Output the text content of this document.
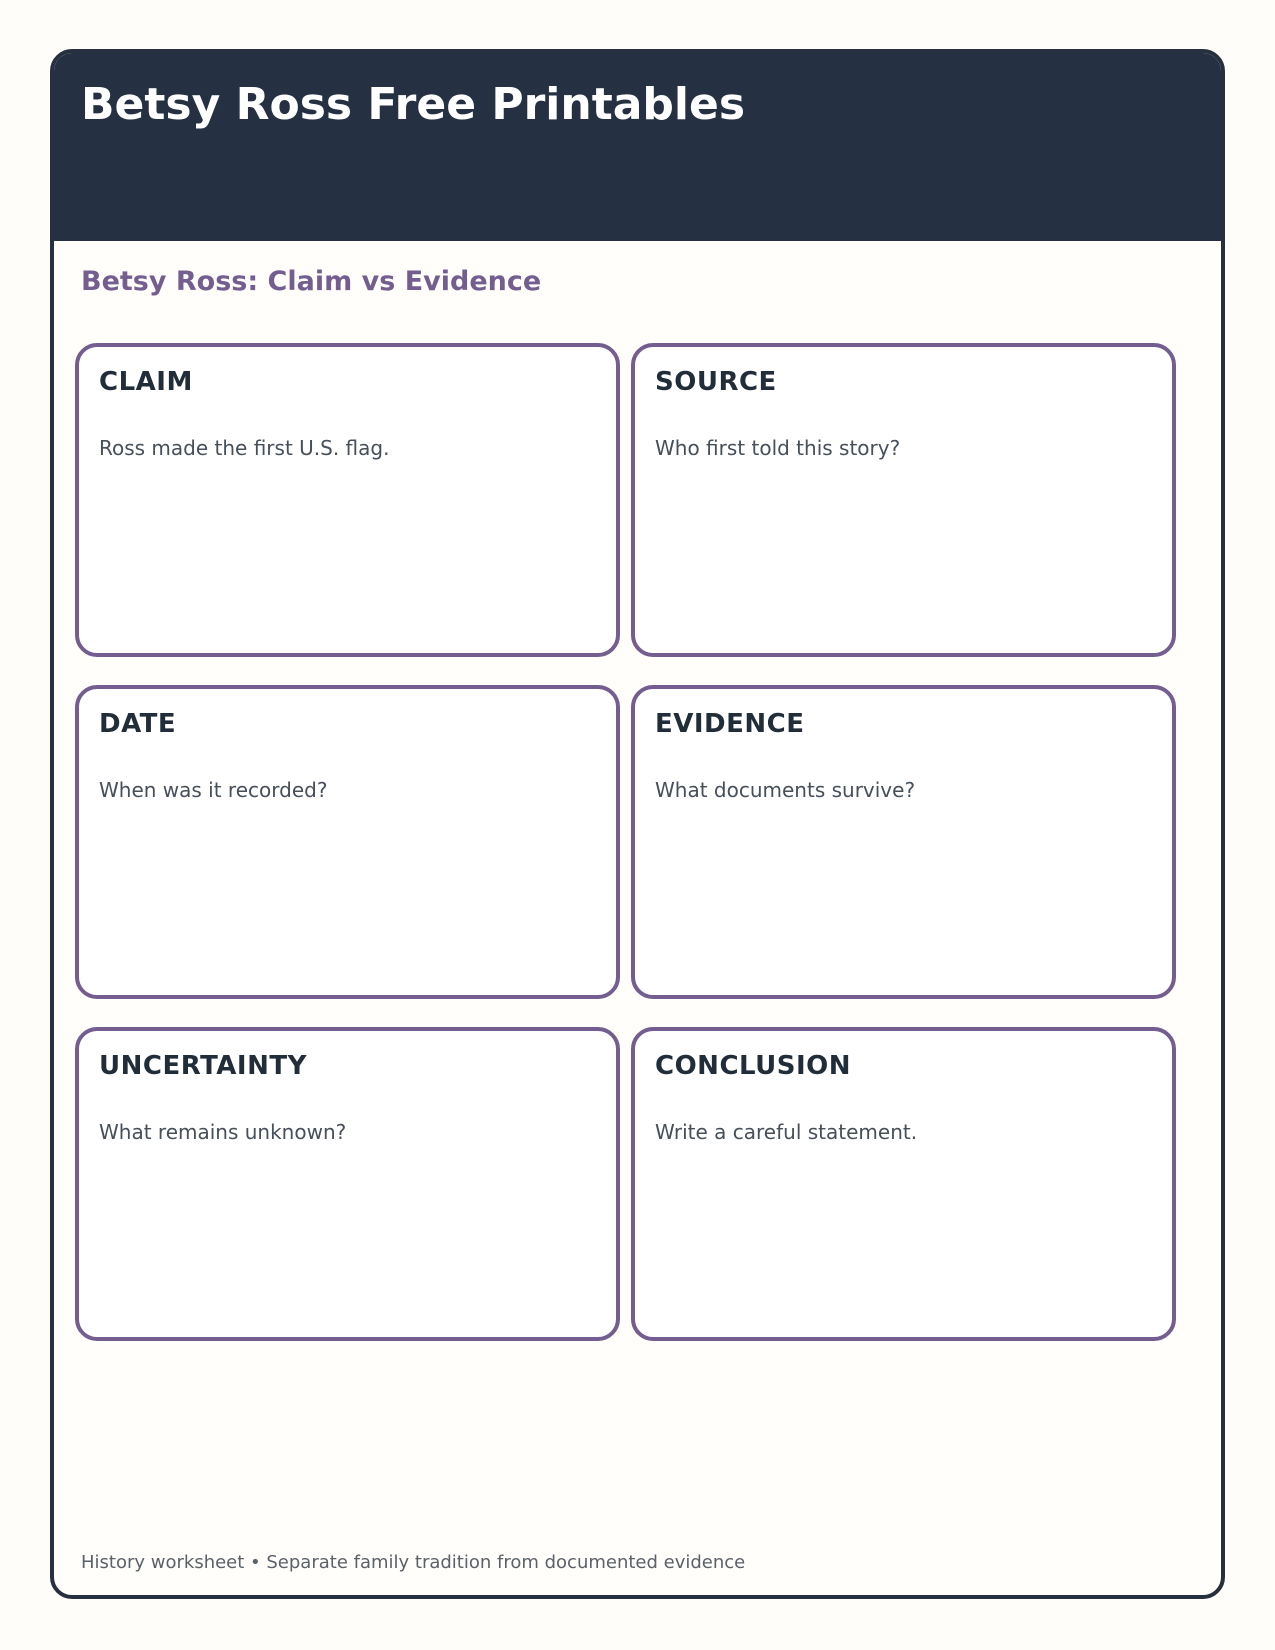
Betsy Ross Free Printables
Betsy Ross: Claim vs Evidence
CLAIM

Ross made the first U.S. flag.

SOURCE

Who first told this story?

DATE

When was it recorded?

EVIDENCE

What documents survive?

UNCERTAINTY

What remains unknown?

CONCLUSION

Write a careful statement.

History worksheet • Separate family tradition from documented evidence
